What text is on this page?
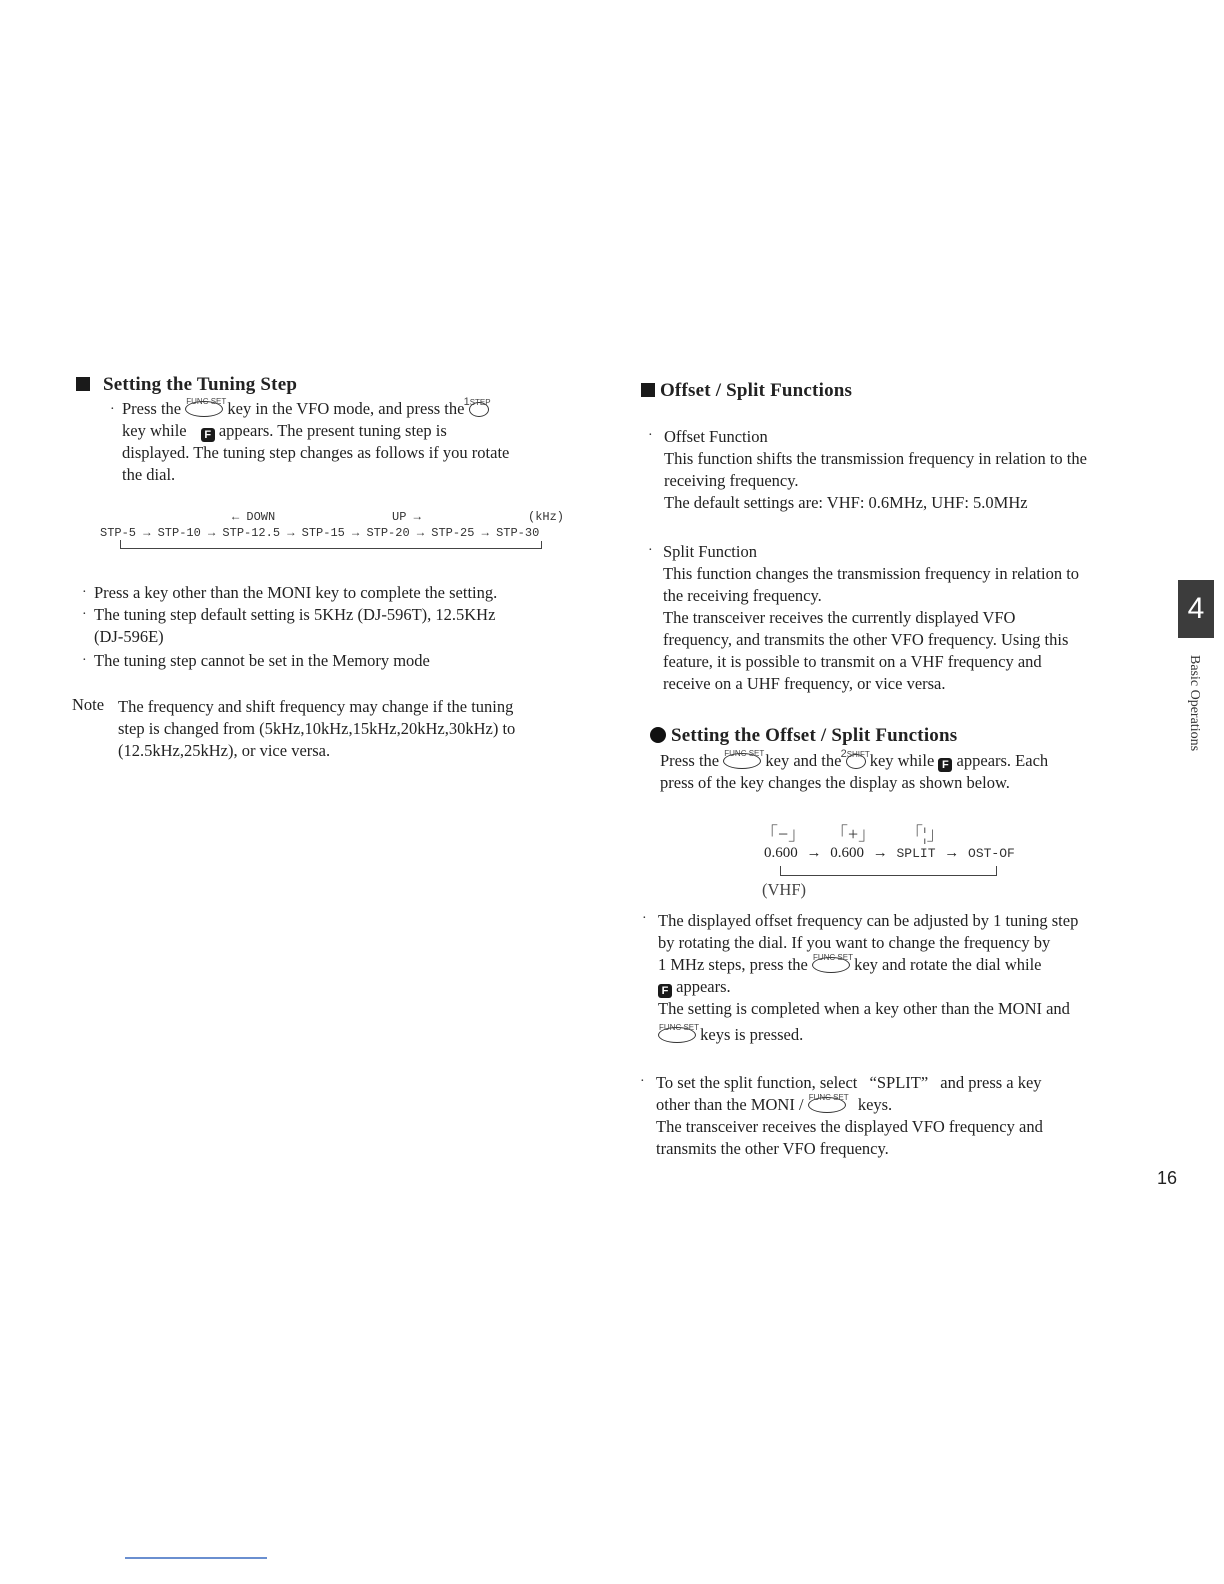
Setting the Tuning Step
· Press the FUNC SET key in the VFO mode, and press the 1STEP
key while F appears. The present tuning step is
displayed. The tuning step changes as follows if you rotate
the dial.
← DOWN	UP →	(kHz)
STP-5 → STP-10 → STP-12.5 → STP-15 → STP-20 → STP-25 → STP-30
· Press a key other than the MONI key to complete the setting.
· The tuning step default setting is 5KHz (DJ-596T), 12.5KHz
(DJ-596E)
· The tuning step cannot be set in the Memory mode
Note The frequency and shift frequency may change if the tuning
step is changed from (5kHz,10kHz,15kHz,20kHz,30kHz) to
(12.5kHz,25kHz), or vice versa.
Offset / Split Functions
· Offset Function
This function shifts the transmission frequency in relation to the
receiving frequency.
The default settings are: VHF: 0.6MHz, UHF: 5.0MHz
· Split Function
This function changes the transmission frequency in relation to
the receiving frequency.
The transceiver receives the currently displayed VFO
frequency, and transmits the other VFO frequency. Using this
feature, it is possible to transmit on a VHF frequency and
receive on a UHF frequency, or vice versa.
Setting the Offset / Split Functions
Press the FUNC SET key and the 2SHIFT key while F appears. Each
press of the key changes the display as shown below.
「−」 「+」 「¦」
0.600 → 0.600 → SPLIT → OST-OF
(VHF)
· The displayed offset frequency can be adjusted by 1 tuning step
by rotating the dial. If you want to change the frequency by
1 MHz steps, press the FUNC SET key and rotate the dial while
F appears.
The setting is completed when a key other than the MONI and
FUNC SET keys is pressed.
· To set the split function, select “SPLIT” and press a key
other than the MONI / FUNC SET keys.
The transceiver receives the displayed VFO frequency and
transmits the other VFO frequency.
4
Basic Operations
16
